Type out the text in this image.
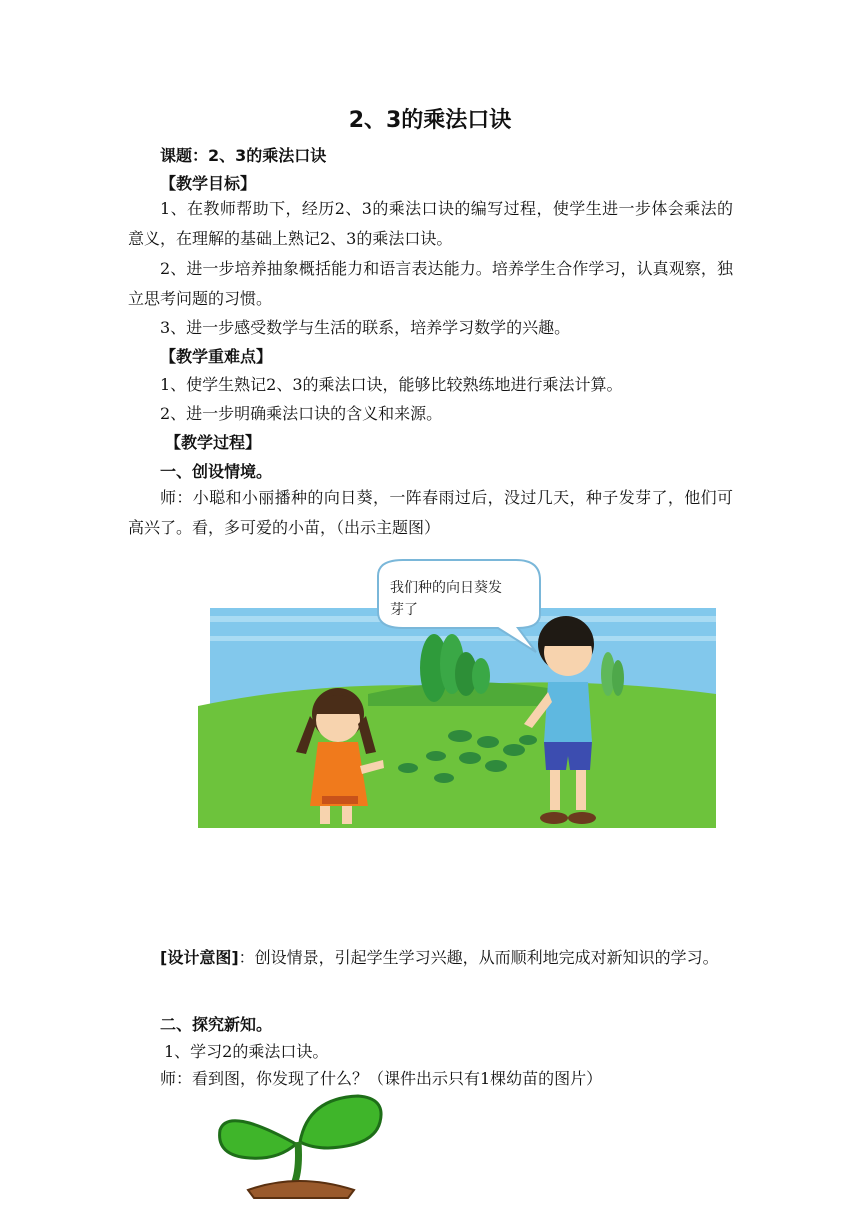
2、3的乘法口诀
课题：2、3的乘法口诀
【教学目标】
1、在教师帮助下，经历2、3的乘法口诀的编写过程，使学生进一步体会乘法的意义，在理解的基础上熟记2、3的乘法口诀。
2、进一步培养抽象概括能力和语言表达能力。培养学生合作学习，认真观察，独立思考问题的习惯。
3、进一步感受数学与生活的联系，培养学习数学的兴趣。
【教学重难点】
1、使学生熟记2、3的乘法口诀，能够比较熟练地进行乘法计算。
2、进一步明确乘法口诀的含义和来源。
【教学过程】
一、创设情境。
师：小聪和小丽播种的向日葵，一阵春雨过后，没过几天，种子发芽了，他们可高兴了。看，多可爱的小苗，（出示主题图）
我们种的向日葵发
芽了
[设计意图]：创设情景，引起学生学习兴趣，从而顺利地完成对新知识的学习。
二、探究新知。
1、学习2的乘法口诀。
师：看到图，你发现了什么？（课件出示只有1棵幼苗的图片）
